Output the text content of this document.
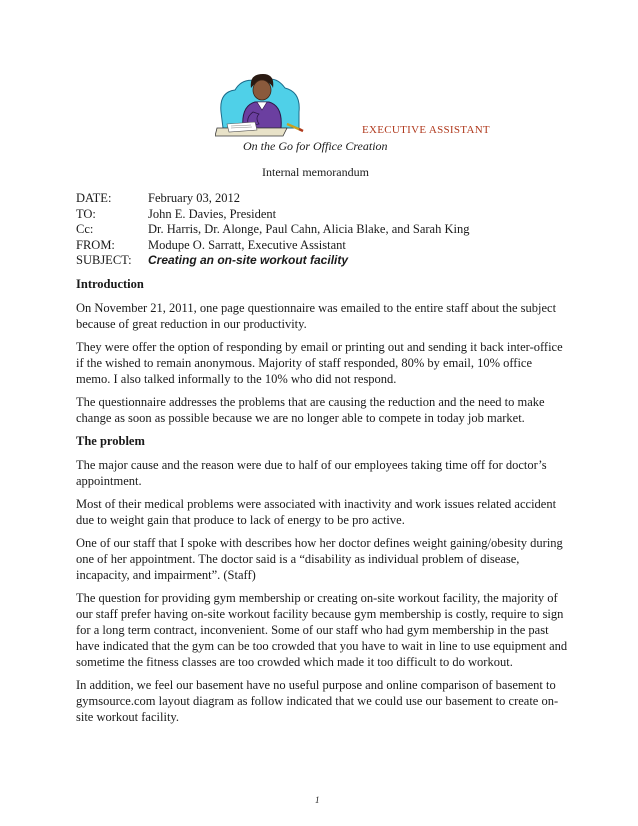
EXECUTIVE ASSISTANT
On the Go for Office Creation
Internal memorandum
DATE:	February 03, 2012
TO:	John E. Davies, President
Cc:	Dr. Harris, Dr. Alonge, Paul Cahn, Alicia Blake, and Sarah King
FROM:	Modupe O. Sarratt, Executive Assistant
SUBJECT:	Creating an on-site workout facility

Introduction

On November 21, 2011, one page questionnaire was emailed to the entire staff about the subject because of great reduction in our productivity.

They were offer the option of responding by email or printing out and sending it back inter-office if the wished to remain anonymous. Majority of staff responded, 80% by email, 10% office memo. I also talked informally to the 10% who did not respond.

The questionnaire addresses the problems that are causing the reduction and the need to make change as soon as possible because we are no longer able to compete in today job market.

The problem

The major cause and the reason were due to half of our employees taking time off for doctor’s appointment.

Most of their medical problems were associated with inactivity and work issues related accident due to weight gain that produce to lack of energy to be pro active.

One of our staff that I spoke with describes how her doctor defines weight gaining/obesity during one of her appointment. The doctor said is a “disability as individual problem of disease, incapacity, and impairment”. (Staff)

The question for providing gym membership or creating on-site workout facility, the majority of our staff prefer having on-site workout facility because gym membership is costly, require to sign for a long term contract, inconvenient. Some of our staff who had gym membership in the past have indicated that the gym can be too crowded that you have to wait in line to use equipment and sometime the fitness classes are too crowded which made it too difficult to do workout.

In addition, we feel our basement have no useful purpose and online comparison of basement to gymsource.com layout diagram as follow indicated that we could use our basement to create on-site workout facility.

1
